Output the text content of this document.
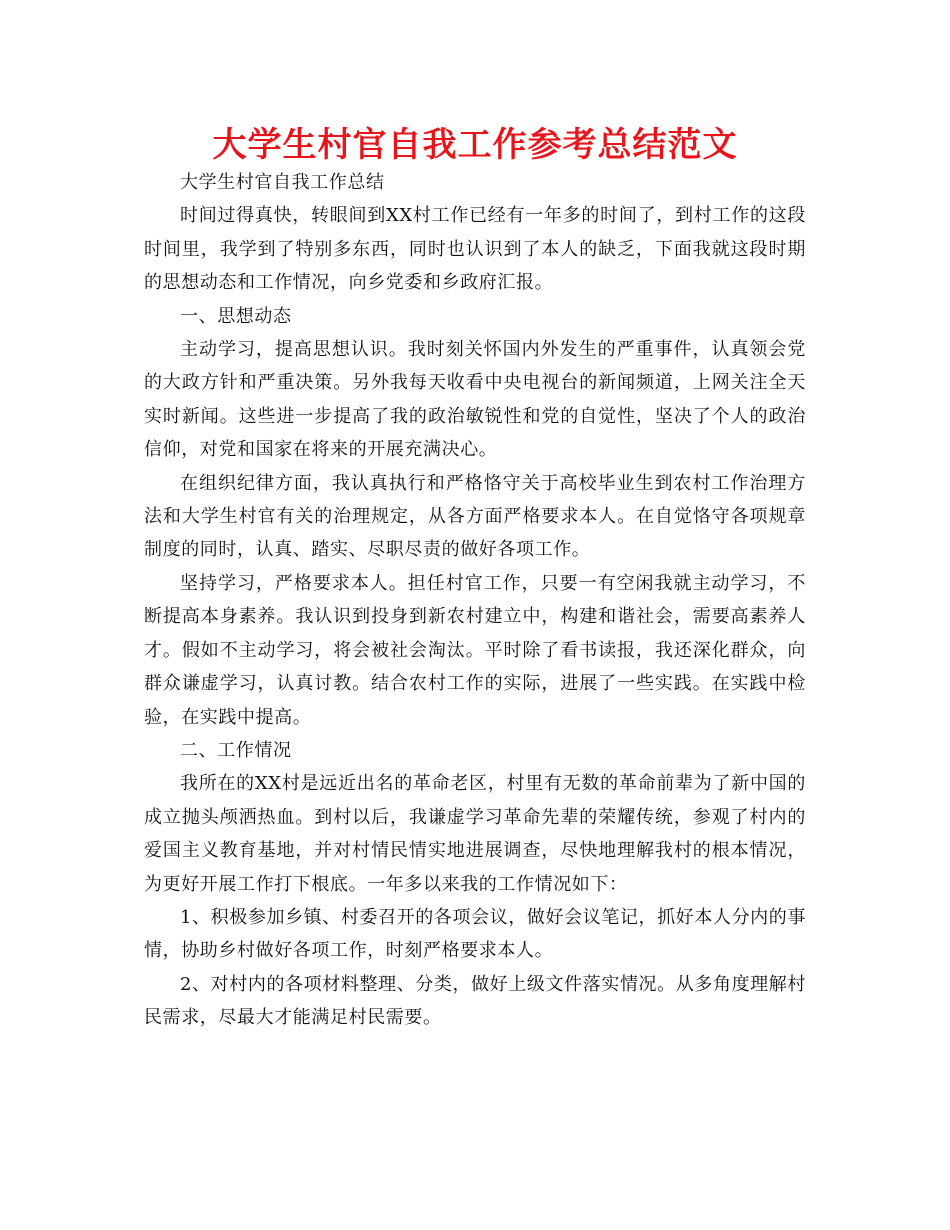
大学生村官自我工作参考总结范文

大学生村官自我工作总结

时间过得真快，转眼间到XX村工作已经有一年多的时间了，到村工作的这段时间里，我学到了特别多东西，同时也认识到了本人的缺乏，下面我就这段时期的思想动态和工作情况，向乡党委和乡政府汇报。

一、思想动态

主动学习，提高思想认识。我时刻关怀国内外发生的严重事件，认真领会党的大政方针和严重决策。另外我每天收看中央电视台的新闻频道，上网关注全天实时新闻。这些进一步提高了我的政治敏锐性和党的自觉性，坚决了个人的政治信仰，对党和国家在将来的开展充满决心。

在组织纪律方面，我认真执行和严格恪守关于高校毕业生到农村工作治理方法和大学生村官有关的治理规定，从各方面严格要求本人。在自觉恪守各项规章制度的同时，认真、踏实、尽职尽责的做好各项工作。

坚持学习，严格要求本人。担任村官工作，只要一有空闲我就主动学习，不断提高本身素养。我认识到投身到新农村建立中，构建和谐社会，需要高素养人才。假如不主动学习，将会被社会淘汰。平时除了看书读报，我还深化群众，向群众谦虚学习，认真讨教。结合农村工作的实际，进展了一些实践。在实践中检验，在实践中提高。

二、工作情况

我所在的XX村是远近出名的革命老区，村里有无数的革命前辈为了新中国的成立抛头颅洒热血。到村以后，我谦虚学习革命先辈的荣耀传统，参观了村内的爱国主义教育基地，并对村情民情实地进展调查，尽快地理解我村的根本情况，为更好开展工作打下根底。一年多以来我的工作情况如下：

1、积极参加乡镇、村委召开的各项会议，做好会议笔记，抓好本人分内的事情，协助乡村做好各项工作，时刻严格要求本人。

2、对村内的各项材料整理、分类，做好上级文件落实情况。从多角度理解村民需求，尽最大才能满足村民需要。
